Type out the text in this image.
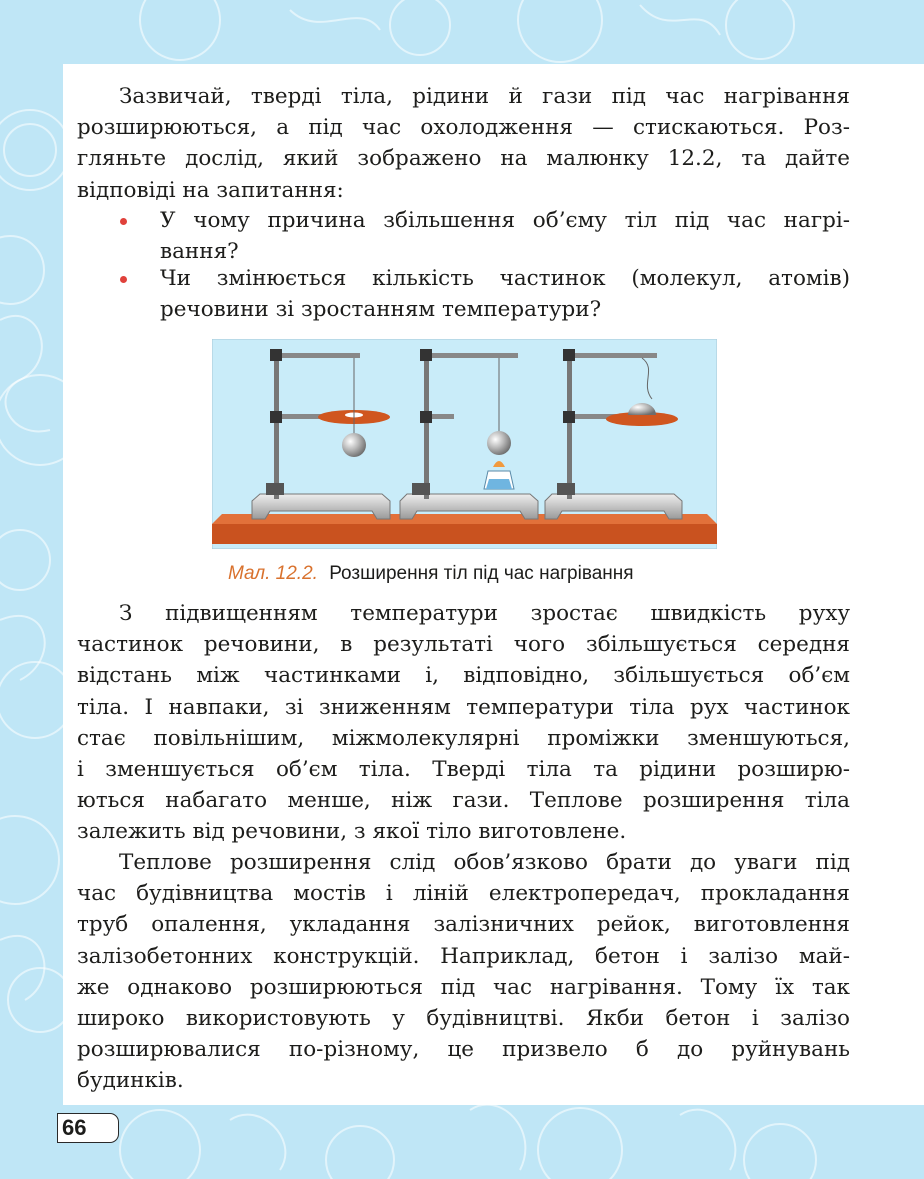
Зазвичай, тверді тіла, рідини й гази під час нагрівання
розширюються, а під час охолодження — стискаються. Роз-
гляньте дослід, який зображено на малюнку 12.2, та дайте
відповіді на запитання:

У чому причина збільшення об’єму тіл під час нагрі-
вання?
Чи змінюється кількість частинок (молекул, атомів)
речовини зі зростанням температури?
Мал. 12.2. Розширення тіл під час нагрівання

З підвищенням температури зростає швидкість руху
частинок речовини, в результаті чого збільшується середня
відстань між частинками і, відповідно, збільшується об’єм
тіла. І навпаки, зі зниженням температури тіла рух частинок
стає повільнішим, міжмолекулярні проміжки зменшуються,
і зменшується об’єм тіла. Тверді тіла та рідини розширю-
ються набагато менше, ніж гази. Теплове розширення тіла
залежить від речовини, з якої тіло виготовлене.

Теплове розширення слід обов’язково брати до уваги під
час будівництва мостів і ліній електропередач, прокладання
труб опалення, укладання залізничних рейок, виготовлення
залізобетонних конструкцій. Наприклад, бетон і залізо май-
же однаково розширюються під час нагрівання. Тому їх так
широко використовують у будівництві. Якби бетон і залізо
розширювалися по-різному, це призвело б до руйнувань
будинків.

66
